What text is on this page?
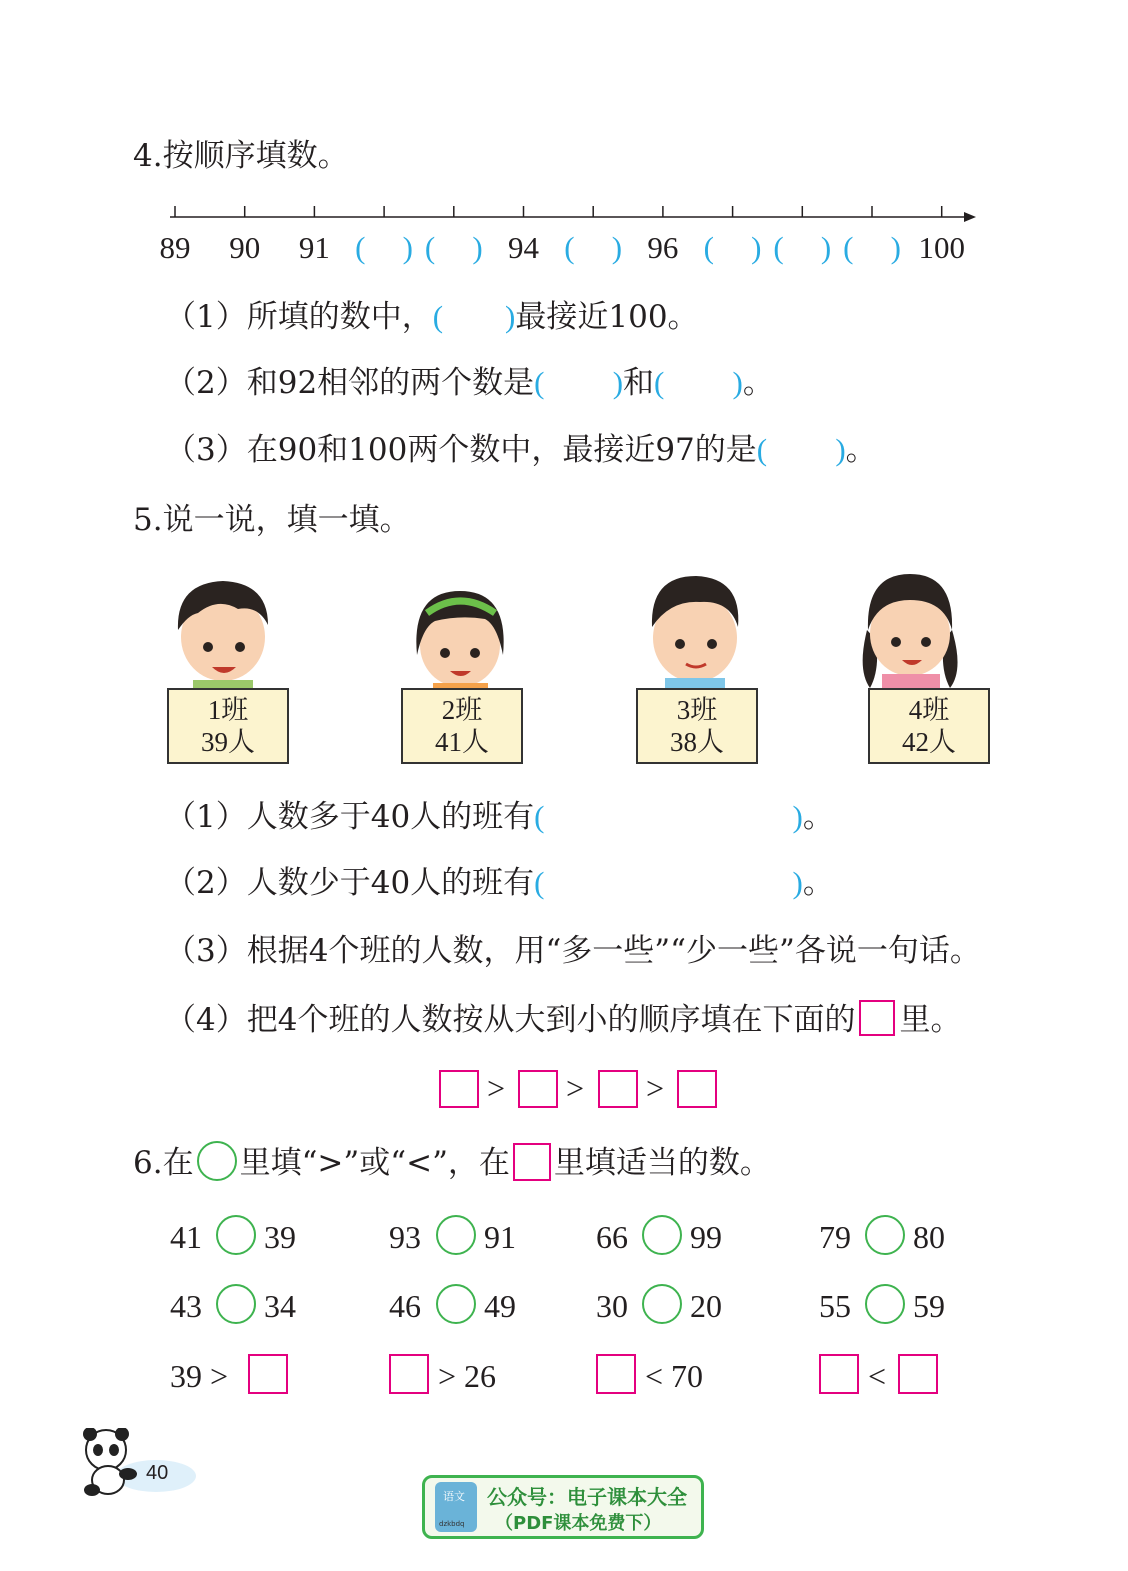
4.按顺序填数。
89	90	91 (  ) (  ) 94 (  ) 96 (  ) (  ) (  ) 100
（1）所填的数中，(  )最接近100。
（2）和92相邻的两个数是(   )和(   )。
（3）在90和100两个数中，最接近97的是(   )。
5.说一说，填一填。
1班
39人
2班
41人
3班
38人
4班
42人
（1）人数多于40人的班有(        )。
（2）人数少于40人的班有(        )。
（3）根据4个班的人数，用“多一些”“少一些”各说一句话。
（4）把4个班的人数按从大到小的顺序填在下面的 里。
> > >
6.在 里填“>”或“<”，在 里填适当的数。
41 39	93 91	66 99	79 80
43 34	46 49	30 20	55 59
39 >	> 26	< 70	<
40
语文
dzkbdq
公众号：电子课本大全
（PDF课本免费下）
